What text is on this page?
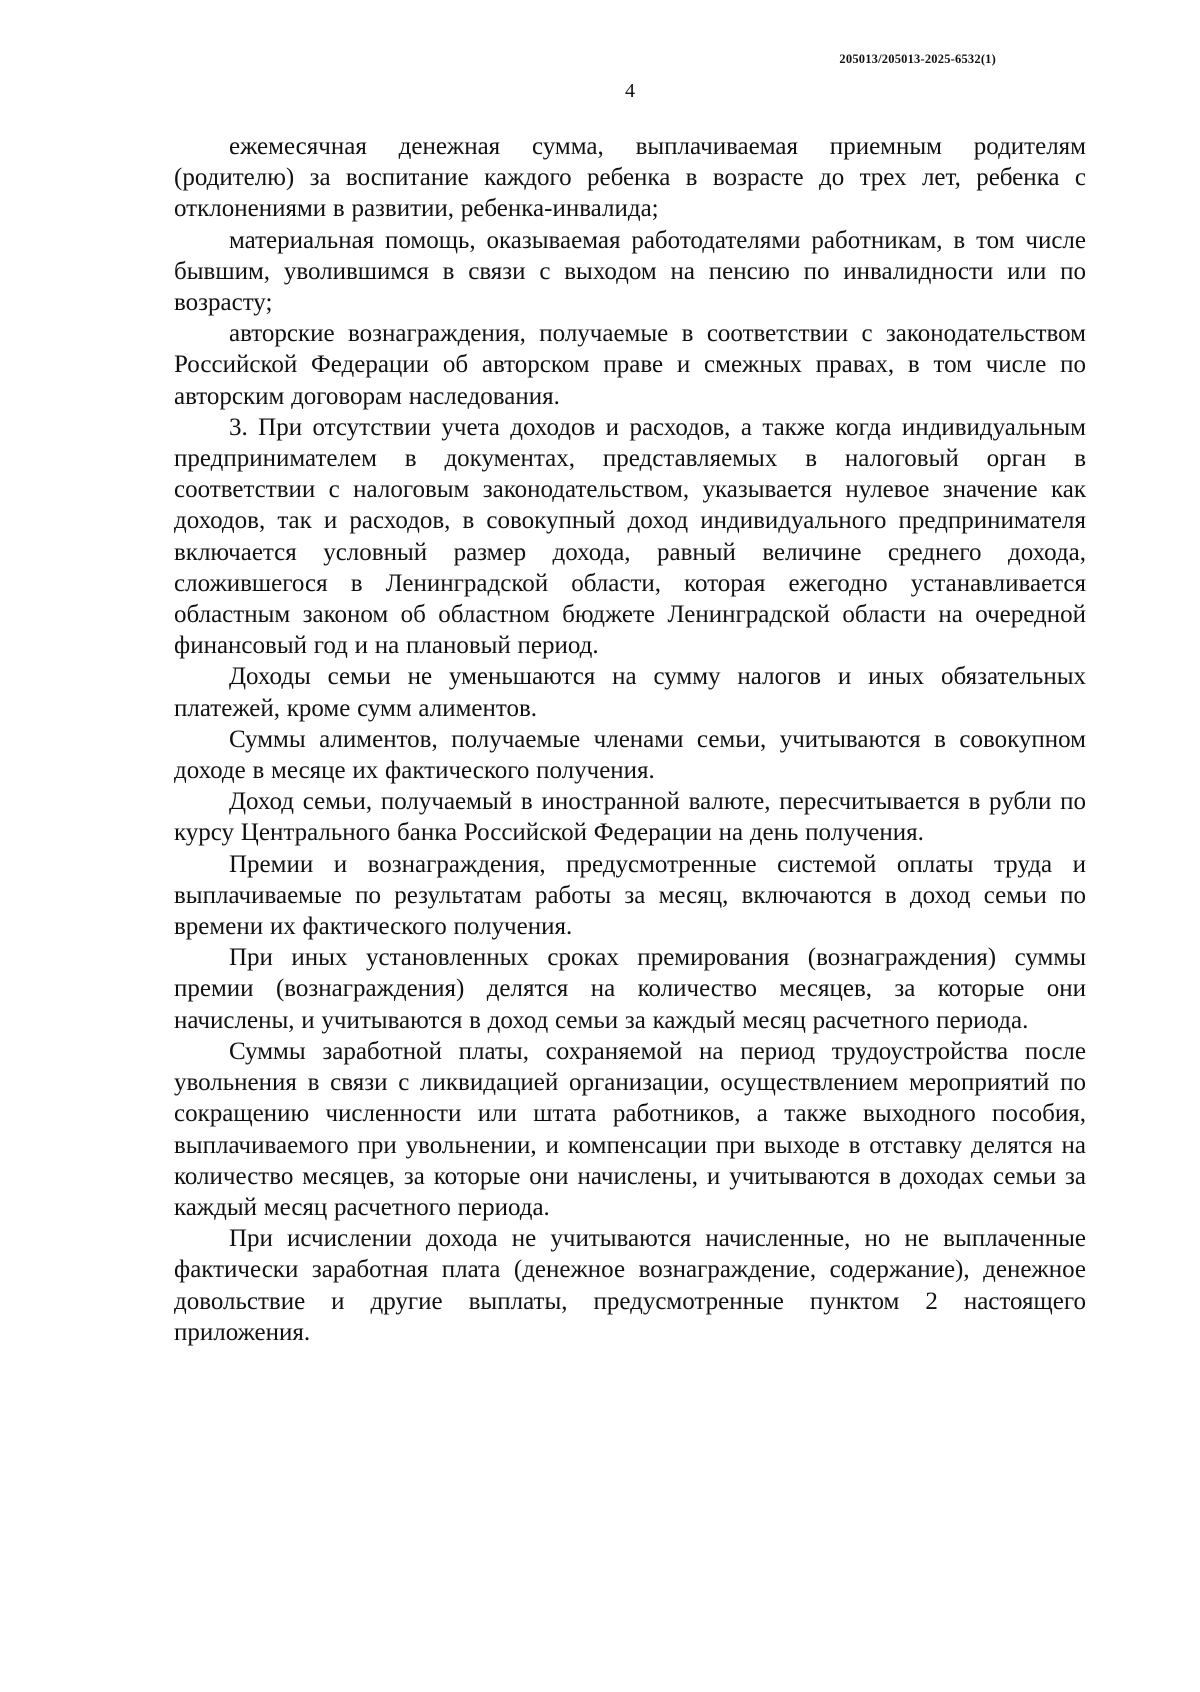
205013/205013-2025-6532(1)
4

ежемесячная денежная сумма, выплачиваемая приемным родителям (родителю) за воспитание каждого ребенка в возрасте до трех лет, ребенка с отклонениями в развитии, ребенка-инвалида;

материальная помощь, оказываемая работодателями работникам, в том числе бывшим, уволившимся в связи с выходом на пенсию по инвалидности или по возрасту;

авторские вознаграждения, получаемые в соответствии с законодательством Российской Федерации об авторском праве и смежных правах, в том числе по авторским договорам наследования.

3. При отсутствии учета доходов и расходов, а также когда индивидуальным предпринимателем в документах, представляемых в налоговый орган в соответствии с налоговым законодательством, указывается нулевое значение как доходов, так и расходов, в совокупный доход индивидуального предпринимателя включается условный размер дохода, равный величине среднего дохода, сложившегося в Ленинградской области, которая ежегодно устанавливается областным законом об областном бюджете Ленинградской области на очередной финансовый год и на плановый период.

Доходы семьи не уменьшаются на сумму налогов и иных обязательных платежей, кроме сумм алиментов.

Суммы алиментов, получаемые членами семьи, учитываются в совокупном доходе в месяце их фактического получения.

Доход семьи, получаемый в иностранной валюте, пересчитывается в рубли по курсу Центрального банка Российской Федерации на день получения.

Премии и вознаграждения, предусмотренные системой оплаты труда и выплачиваемые по результатам работы за месяц, включаются в доход семьи по времени их фактического получения.

При иных установленных сроках премирования (вознаграждения) суммы премии (вознаграждения) делятся на количество месяцев, за которые они начислены, и учитываются в доход семьи за каждый месяц расчетного периода.

Суммы заработной платы, сохраняемой на период трудоустройства после увольнения в связи с ликвидацией организации, осуществлением мероприятий по сокращению численности или штата работников, а также выходного пособия, выплачиваемого при увольнении, и компенсации при выходе в отставку делятся на количество месяцев, за которые они начислены, и учитываются в доходах семьи за каждый месяц расчетного периода.

При исчислении дохода не учитываются начисленные, но не выплаченные фактически заработная плата (денежное вознаграждение, содержание), денежное довольствие и другие выплаты, предусмотренные пунктом 2 настоящего приложения.
